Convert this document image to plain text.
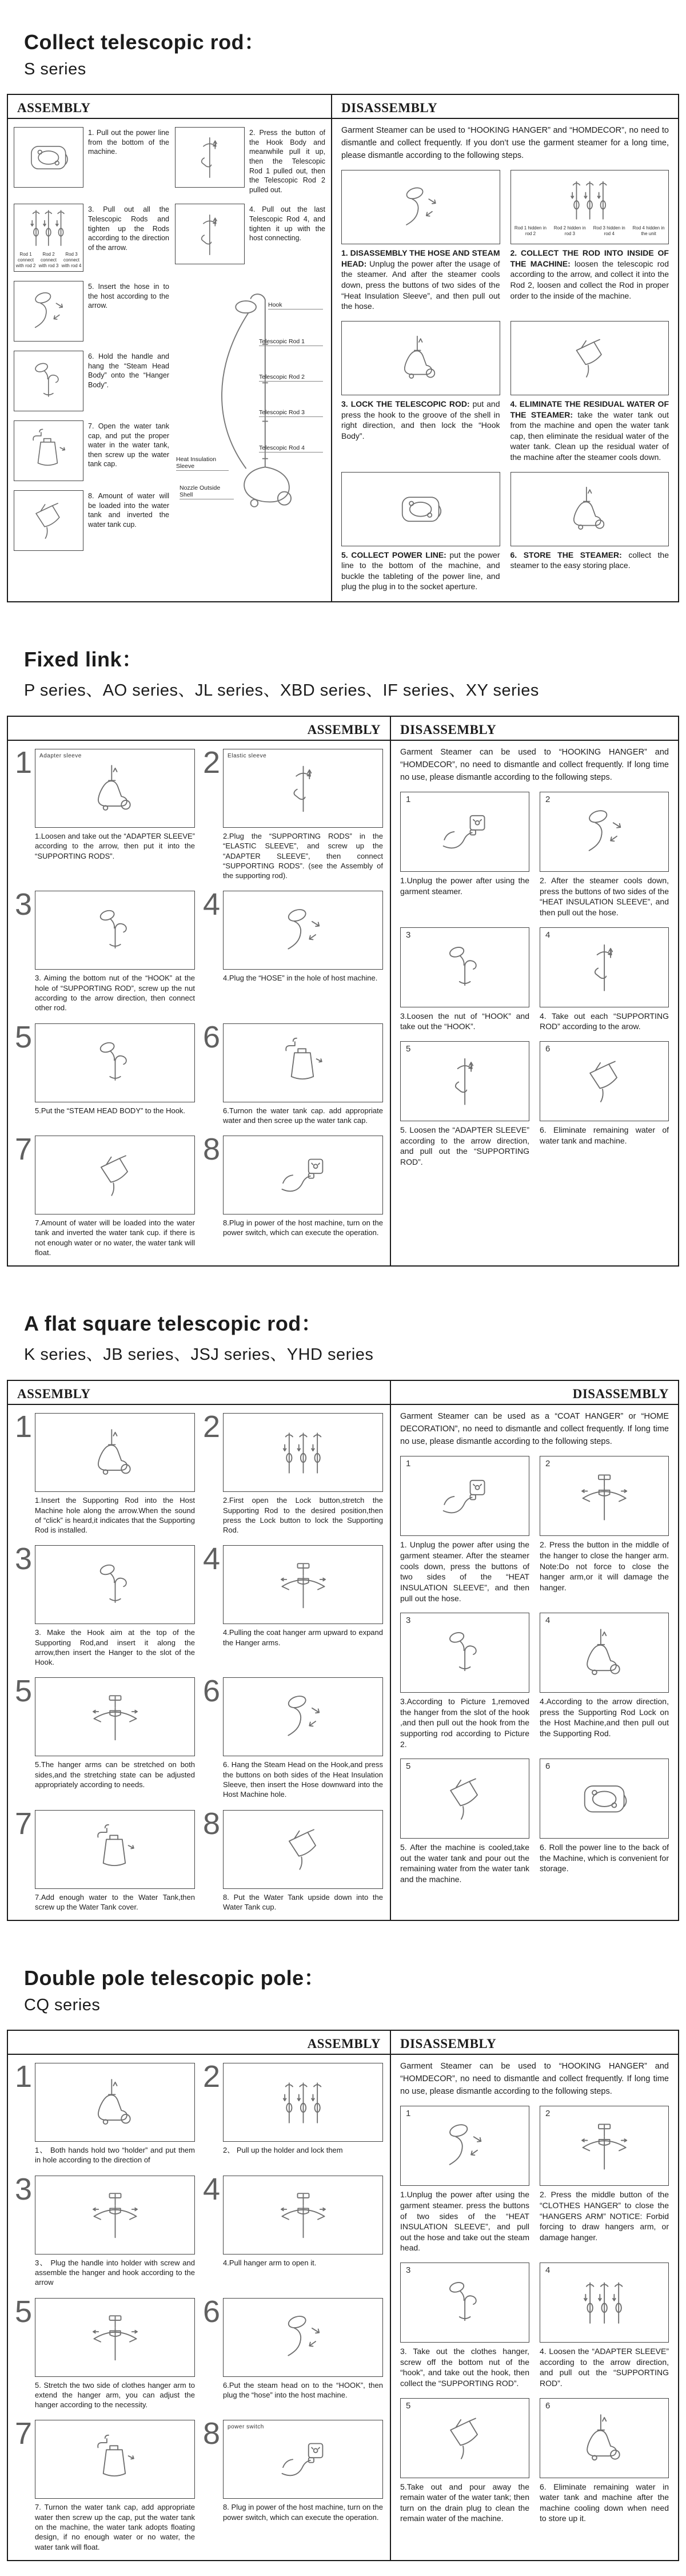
Collect telescopic rod：
S series
ASSEMBLY
Hook
Telescopic Rod 1
Telescopic Rod 2
Telescopic Rod 3
Telescopic Rod 4
Heat Insulation Sleeve
Nozzle Outside Shell

1. Pull out the power line from the bottom of the machine.

2. Press the button of the Hook Body and meanwhile pull it up, then the Telescopic Rod 1 pulled out, then the Telescopic Rod 2 pulled out.

Rod 1 connect with rod 2
Rod 2 connect with rod 3
Rod 3 connect with rod 4

3. Pull out all the Telescopic Rods and tighten up the Rods according to the direction of the arrow.

4. Pull out the last Telescopic Rod 4, and tighten it up with the host connecting.

5. Insert the hose in to the host according to the arrow.

6. Hold the handle and hang the “Steam Head Body” onto the “Hanger Body”.

7. Open the water tank cap, and put the proper water in the water tank, then screw up the water tank cap.

8. Amount of water will be loaded into the water tank and inverted the water tank cup.

DISASSEMBLY

Garment Steamer can be used to “HOOKING HANGER” and “HOMDECOR”, no need to dismantle and collect frequently. If you don’t use the garment steamer for a long time, please dismantle according to the following steps.

1. DISASSEMBLY THE HOSE AND STEAM HEAD: Unplug the power after the usage of the steamer. And after the steamer cools down, press the buttons of two sides of the “Heat Insulation Sleeve”, and then pull out the hose.

Rod 1 hidden in rod 2
Rod 2 hidden in rod 3
Rod 3 hidden in rod 4
Rod 4 hidden in the unit

2. COLLECT THE ROD INTO INSIDE OF THE MACHINE: loosen the telescopic rod according to the arrow, and collect it into the Rod 2, loosen and collect the Rod in proper order to the inside of the machine.

3. LOCK THE TELESCOPIC ROD: put and press the hook to the groove of the shell in right direction, and then lock the “Hook Body”.

4. ELIMINATE THE RESIDUAL WATER OF THE STEAMER: take the water tank out from the machine and open the water tank cap, then eliminate the residual water of the water tank. Clean up the residual water of the machine after the steamer cools down.

5. COLLECT POWER LINE: put the power line to the bottom of the machine, and buckle the tableting of the power line, and plug the plug in to the socket aperture.

6. STORE THE STEAMER: collect the steamer to the easy storing place.

Fixed link：
P series、AO series、JL series、XBD series、IF series、XY series
ASSEMBLY
1 Adapter sleeve

1.Loosen and take out the “ADAPTER SLEEVE” according to the arrow, then put it into the “SUPPORTING RODS”.

2 Elastic sleeve

2.Plug the “SUPPORTING RODS” in the “ELASTIC SLEEVE”, and screw up the “ADAPTER SLEEVE”, then connect “SUPPORTING RODS”. (see the Assembly of the supporting rod).

3

3. Aiming the bottom nut of the “HOOK” at the hole of “SUPPORTING ROD”, screw up the nut according to the arrow direction, then connect other rod.

4

4.Plug the “HOSE” in the hole of host machine.

5

5.Put the “STEAM HEAD BODY” to the Hook.

6

6.Turnon the water tank cap. add appropriate water and then scree up the water tank cap.

7

7.Amount of water will be loaded into the water tank and inverted the water tank cup. if there is not enough water or no water, the water tank will float.

8

8.Plug in power of the host machine, turn on the power switch, which can execute the operation.

DISASSEMBLY

Garment Steamer can be used to “HOOKING HANGER” and “HOMDECOR”, no need to dismantle and collect frequently. If long time no use, please dismantle according to the following steps.

1

1.Unplug the power after using the garment steamer.

2

2. After the steamer cools down, press the buttons of two sides of the “HEAT INSULATION SLEEVE”, and then pull out the hose.

3

3.Loosen the nut of “HOOK” and take out the “HOOK”.

4

4. Take out each “SUPPORTING ROD” according to the arow.

5

5. Loosen the “ADAPTER SLEEVE” according to the arrow direction, and pull out the “SUPPORTING ROD”.

6

6. Eliminate remaining water of water tank and machine.

A flat square telescopic rod：
K series、JB series、JSJ series、YHD series
ASSEMBLY
1

1.Insert the Supporting Rod into the Host Machine hole along the arrow.When the sound of “click” is heard,it indicates that the Supporting Rod is installed.

2

2.First open the Lock button,stretch the Supporting Rod to the desired position,then press the Lock button to lock the Supporting Rod.

3

3. Make the Hook aim at the top of the Supporting Rod,and insert it along the arrow,then insert the Hanger to the slot of the Hook.

4

4.Pulling the coat hanger arm upward to expand the Hanger arms.

5

5.The hanger arms can be stretched on both sides,and the stretching state can be adjusted appropriately according to needs.

6

6. Hang the Steam Head on the Hook,and press the buttons on both sides of the Heat Insulation Sleeve, then insert the Hose downward into the Host Machine hole.

7

7.Add enough water to the Water Tank,then screw up the Water Tank cover.

8

8. Put the Water Tank upside down into the Water Tank cup.

DISASSEMBLY

Garment Steamer can be used as a “COAT HANGER” or “HOME DECORATION”, no need to dismantle and collect frequently. If long time no use, please dismantle according to the following steps.

1

1. Unplug the power after using the garment steamer. After the steamer cools down, press the buttons of two sides of the “HEAT INSULATION SLEEVE”, and then pull out the hose.

2

2. Press the button in the middle of the hanger to close the hanger arm. Note:Do not force to close the hanger arm,or it will damage the hanger.

3

3.According to Picture 1,removed the hanger from the slot of the hook ,and then pull out the hook from the supporting rod according to Picture 2.

4

4.According to the arrow direction, press the Supporting Rod Lock on the Host Machine,and then pull out the Supporting Rod.

5

5. After the machine is cooled,take out the water tank and pour out the remaining water from the water tank and the machine.

6

6. Roll the power line to the back of the Machine, which is convenient for storage.

Double pole telescopic pole：
CQ series
ASSEMBLY
1

1、 Both hands hold two “holder” and put them in hole according to the direction of

2

2、 Pull up the holder and lock them

3

3、 Plug the handle into holder with screw and assemble the hanger and hook according to the arrow

4

4.Pull hanger arm to open it.

5

5. Stretch the two side of clothes hanger arm to extend the hanger arm, you can adjust the hanger according to the necessity.

6

6.Put the steam head on to the “HOOK”, then plug the “hose” into the host machine.

7

7. Turnon the water tank cap, add appropriate water then screw up the cap, put the water tank on the machine, the water tank adopts floating design, if no enough water or no water, the water tank will float.

8 power switch

8. Plug in power of the host machine, turn on the power switch, which can execute the operation.

DISASSEMBLY

Garment Steamer can be used to “HOOKING HANGER” and “HOMDECOR”, no need to dismantle and collect frequently. If long time no use, please dismantle according to the following steps.

1

1.Unplug the power after using the garment steamer. press the buttons of two sides of the “HEAT INSULATION SLEEVE”, and pull out the hose and take out the steam head.

2

2. Press the middle button of the “CLOTHES HANGER” to close the “HANGERS ARM” NOTICE: Forbid forcing to draw hangers arm, or damage hanger.

3

3. Take out the clothes hanger, screw off the bottom nut of the “hook”, and take out the hook, then collect the “SUPPORTING ROD”.

4

4. Loosen the “ADAPTER SLEEVE” according to the arrow direction, and pull out the “SUPPORTING ROD”.

5

5.Take out and pour away the remain water of the water tank; then turn on the drain plug to clean the remain water of the machine.

6

6. Eliminate remaining water in water tank and machine after the machine cooling down when need to store up it.
